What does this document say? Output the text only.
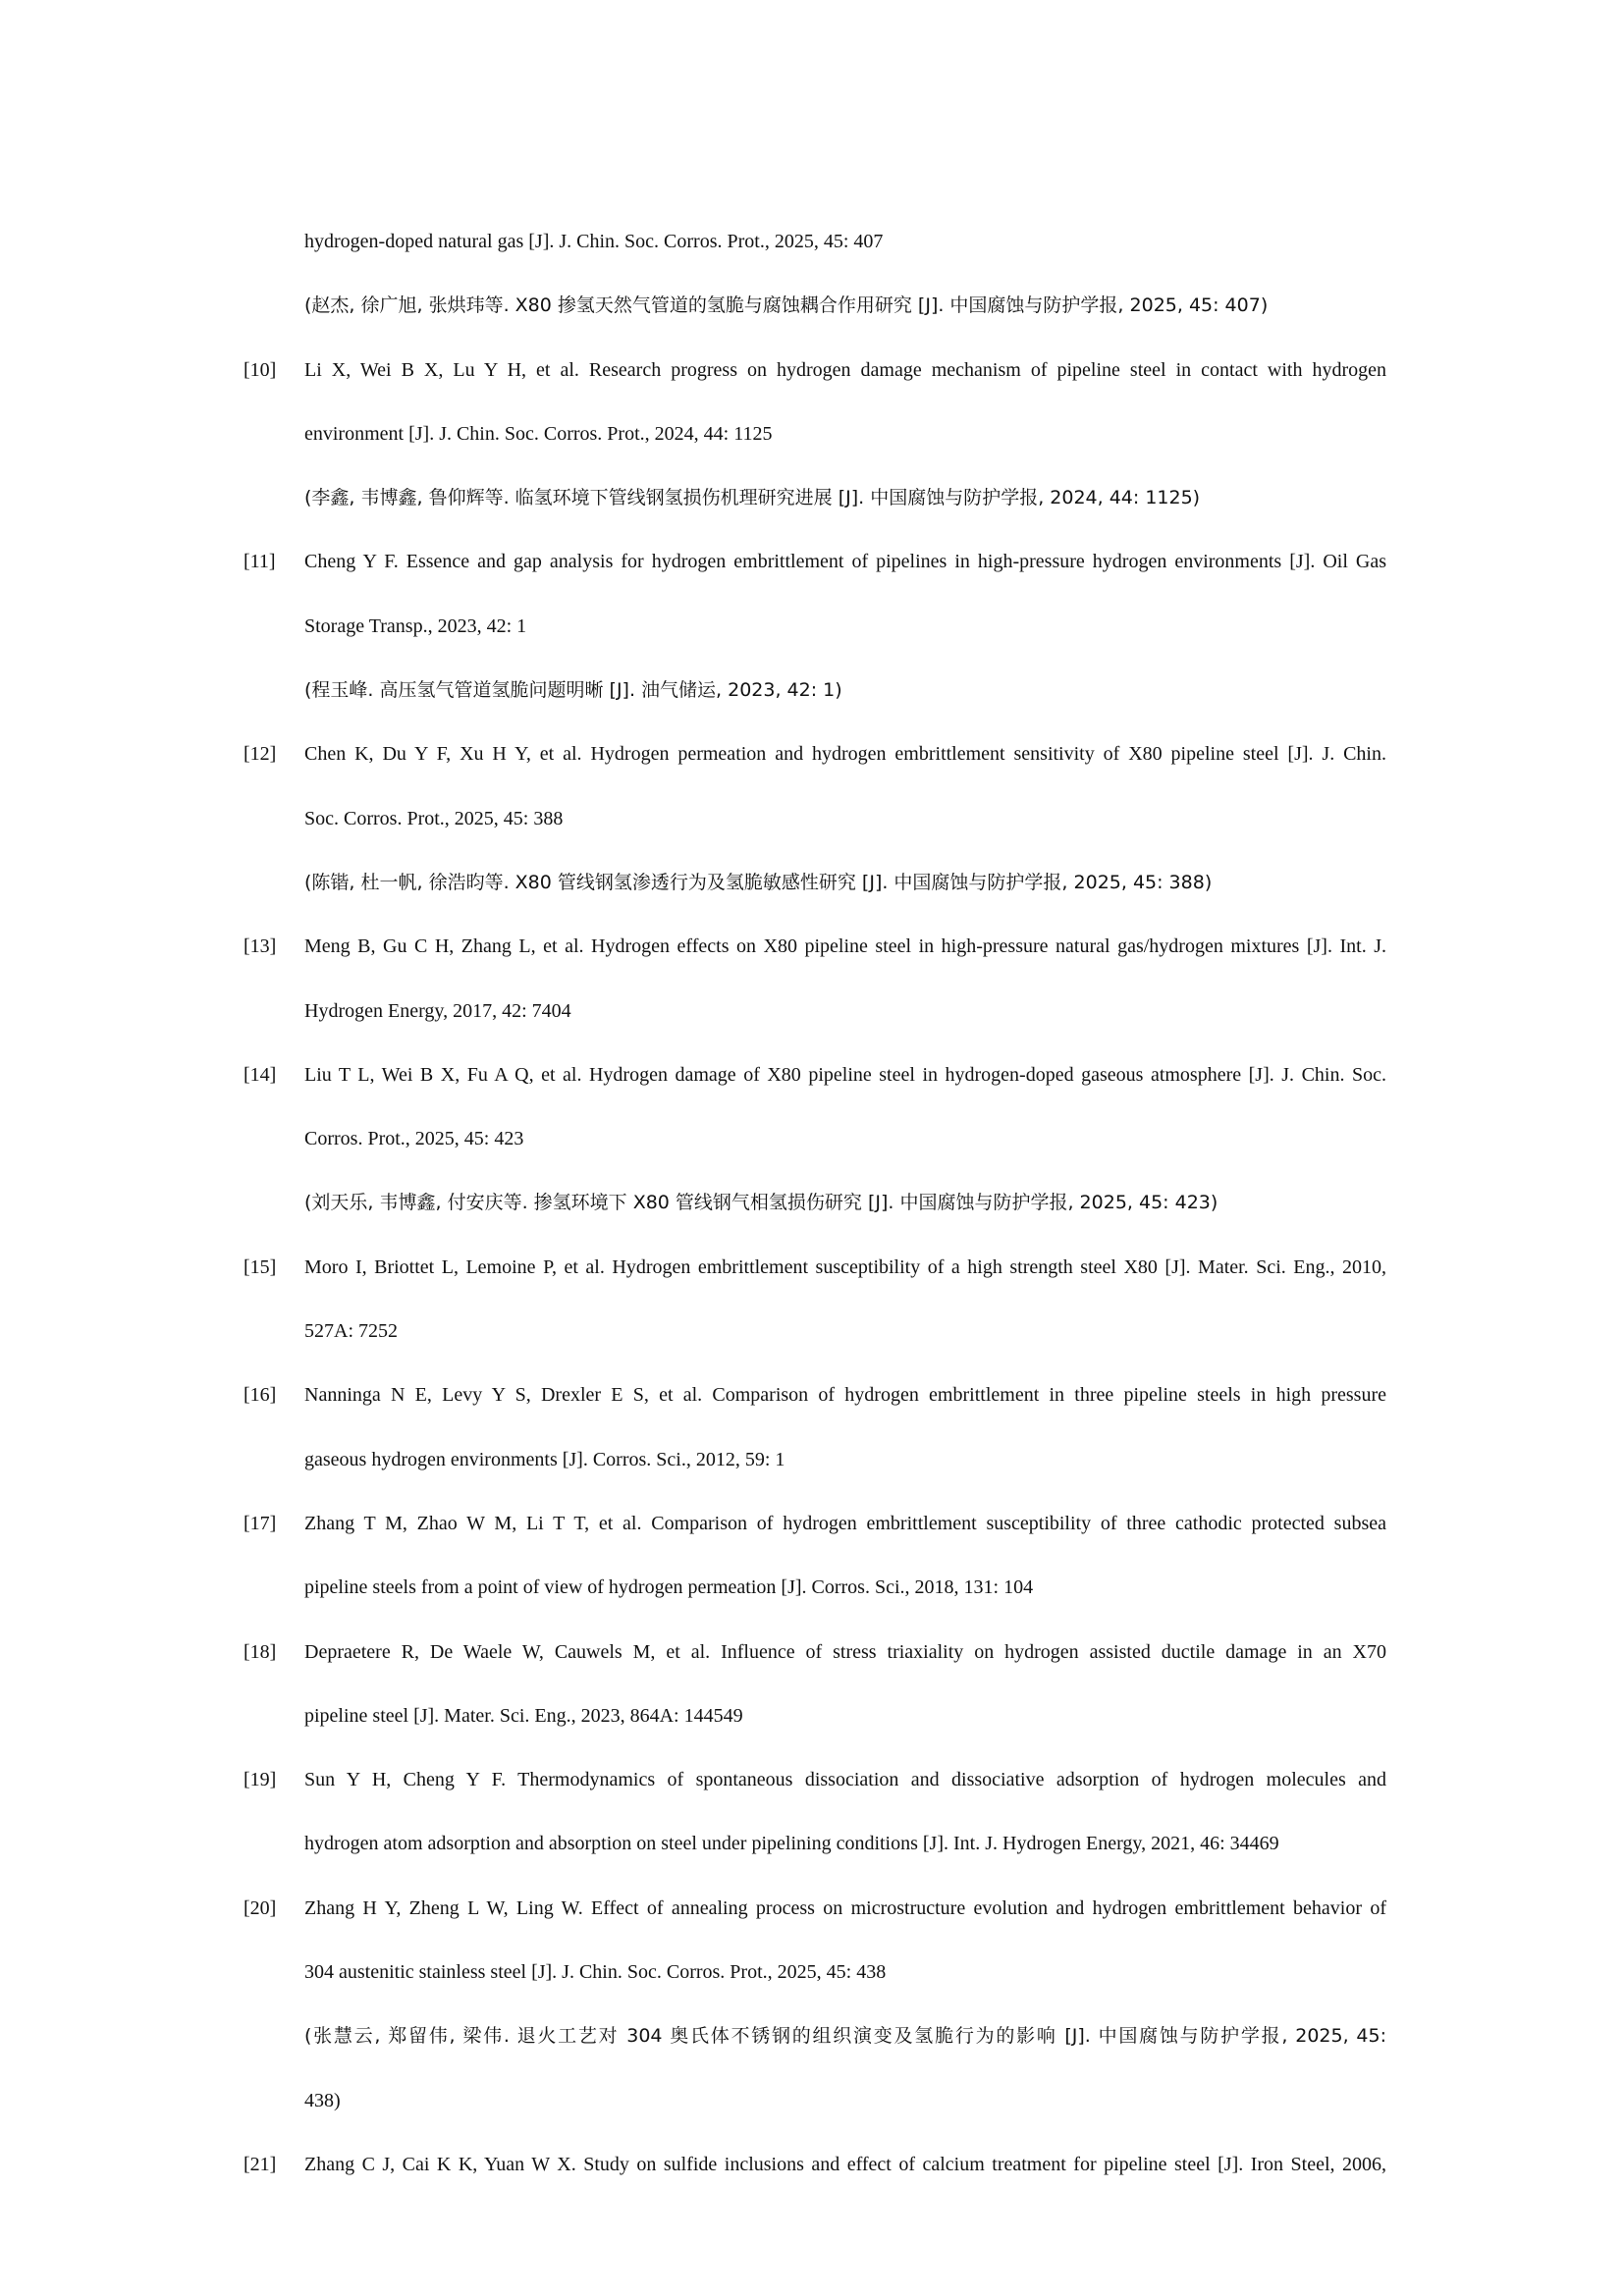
hydrogen-doped natural gas [J]. J. Chin. Soc. Corros. Prot., 2025, 45: 407
(赵杰, 徐广旭, 张烘玮等. X80 掺氢天然气管道的氢脆与腐蚀耦合作用研究 [J]. 中国腐蚀与防护学报, 2025, 45: 407)
[10]	Li X, Wei B X, Lu Y H, et al. Research progress on hydrogen damage mechanism of pipeline steel in contact with hydrogen
environment [J]. J. Chin. Soc. Corros. Prot., 2024, 44: 1125
(李鑫, 韦博鑫, 鲁仰辉等. 临氢环境下管线钢氢损伤机理研究进展 [J]. 中国腐蚀与防护学报, 2024, 44: 1125)
[11]	Cheng Y F. Essence and gap analysis for hydrogen embrittlement of pipelines in high-pressure hydrogen environments [J]. Oil Gas
Storage Transp., 2023, 42: 1
(程玉峰. 高压氢气管道氢脆问题明晰 [J]. 油气储运, 2023, 42: 1)
[12]	Chen K, Du Y F, Xu H Y, et al. Hydrogen permeation and hydrogen embrittlement sensitivity of X80 pipeline steel [J]. J. Chin.
Soc. Corros. Prot., 2025, 45: 388
(陈锴, 杜一帆, 徐浩昀等. X80 管线钢氢渗透行为及氢脆敏感性研究 [J]. 中国腐蚀与防护学报, 2025, 45: 388)
[13]	Meng B, Gu C H, Zhang L, et al. Hydrogen effects on X80 pipeline steel in high-pressure natural gas/hydrogen mixtures [J]. Int. J.
Hydrogen Energy, 2017, 42: 7404
[14]	Liu T L, Wei B X, Fu A Q, et al. Hydrogen damage of X80 pipeline steel in hydrogen-doped gaseous atmosphere [J]. J. Chin. Soc.
Corros. Prot., 2025, 45: 423
(刘天乐, 韦博鑫, 付安庆等. 掺氢环境下 X80 管线钢气相氢损伤研究 [J]. 中国腐蚀与防护学报, 2025, 45: 423)
[15]	Moro I, Briottet L, Lemoine P, et al. Hydrogen embrittlement susceptibility of a high strength steel X80 [J]. Mater. Sci. Eng., 2010,
527A: 7252
[16]	Nanninga N E, Levy Y S, Drexler E S, et al. Comparison of hydrogen embrittlement in three pipeline steels in high pressure
gaseous hydrogen environments [J]. Corros. Sci., 2012, 59: 1
[17]	Zhang T M, Zhao W M, Li T T, et al. Comparison of hydrogen embrittlement susceptibility of three cathodic protected subsea
pipeline steels from a point of view of hydrogen permeation [J]. Corros. Sci., 2018, 131: 104
[18]	Depraetere R, De Waele W, Cauwels M, et al. Influence of stress triaxiality on hydrogen assisted ductile damage in an X70
pipeline steel [J]. Mater. Sci. Eng., 2023, 864A: 144549
[19]	Sun Y H, Cheng Y F. Thermodynamics of spontaneous dissociation and dissociative adsorption of hydrogen molecules and
hydrogen atom adsorption and absorption on steel under pipelining conditions [J]. Int. J. Hydrogen Energy, 2021, 46: 34469
[20]	Zhang H Y, Zheng L W, Ling W. Effect of annealing process on microstructure evolution and hydrogen embrittlement behavior of
304 austenitic stainless steel [J]. J. Chin. Soc. Corros. Prot., 2025, 45: 438
(张慧云, 郑留伟, 梁伟. 退火工艺对 304 奥氏体不锈钢的组织演变及氢脆行为的影响 [J]. 中国腐蚀与防护学报, 2025, 45:
438)
[21]	Zhang C J, Cai K K, Yuan W X. Study on sulfide inclusions and effect of calcium treatment for pipeline steel [J]. Iron Steel, 2006,
